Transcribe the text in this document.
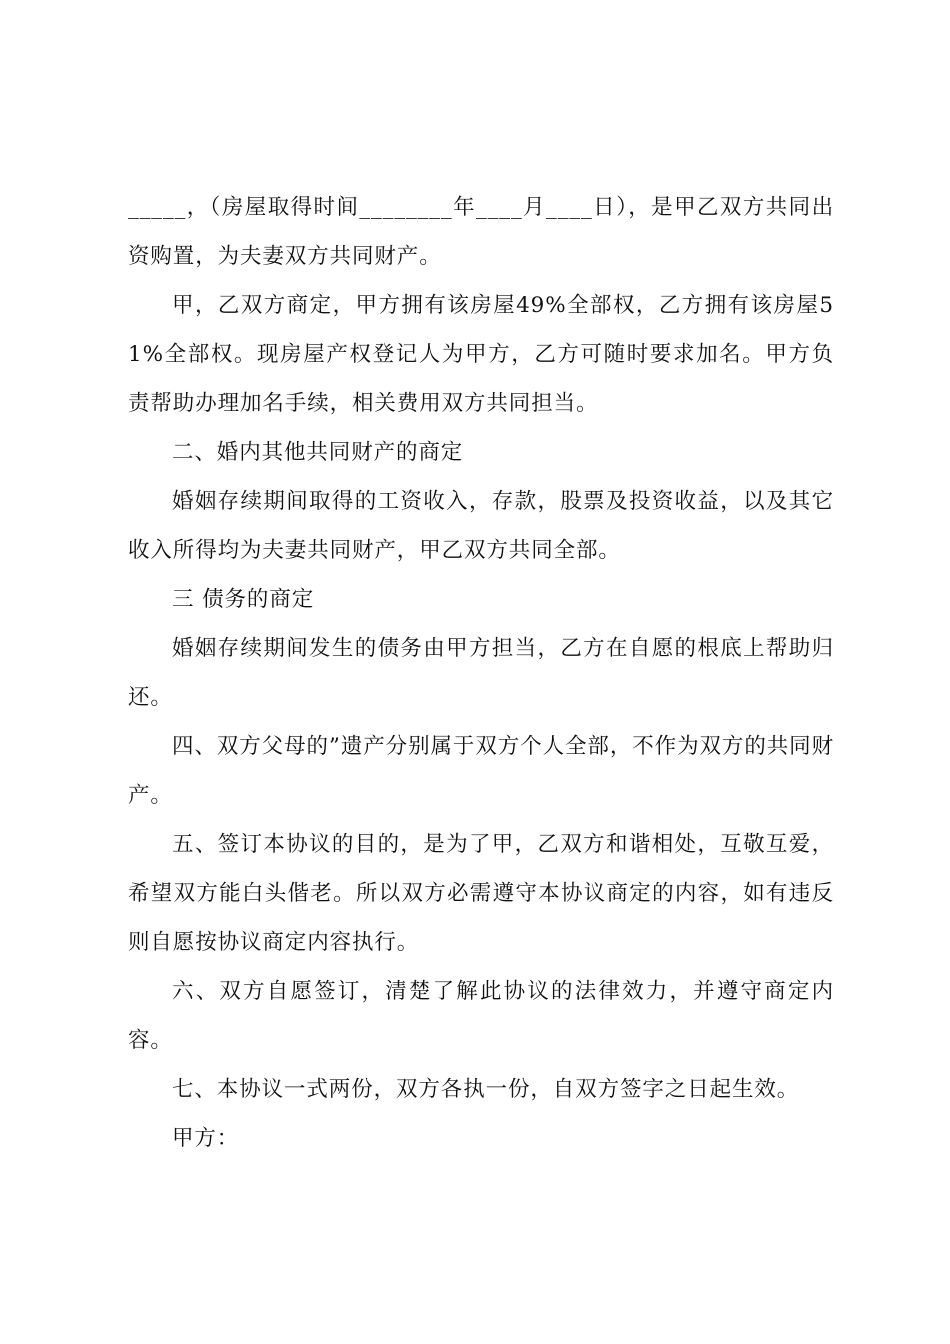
_____，（房屋取得时间________年____月____日），是甲乙双方共同出资购置，为夫妻双方共同财产。

甲，乙双方商定，甲方拥有该房屋49%全部权，乙方拥有该房屋51%全部权。现房屋产权登记人为甲方，乙方可随时要求加名。甲方负责帮助办理加名手续，相关费用双方共同担当。

二、婚内其他共同财产的商定

婚姻存续期间取得的工资收入，存款，股票及投资收益，以及其它收入所得均为夫妻共同财产，甲乙双方共同全部。

三 债务的商定

婚姻存续期间发生的债务由甲方担当，乙方在自愿的根底上帮助归还。

四、双方父母的”遗产分别属于双方个人全部，不作为双方的共同财产。

五、签订本协议的目的，是为了甲，乙双方和谐相处，互敬互爱，希望双方能白头偕老。所以双方必需遵守本协议商定的内容，如有违反则自愿按协议商定内容执行。

六、双方自愿签订，清楚了解此协议的法律效力，并遵守商定内容。

七、本协议一式两份，双方各执一份，自双方签字之日起生效。

甲方：
